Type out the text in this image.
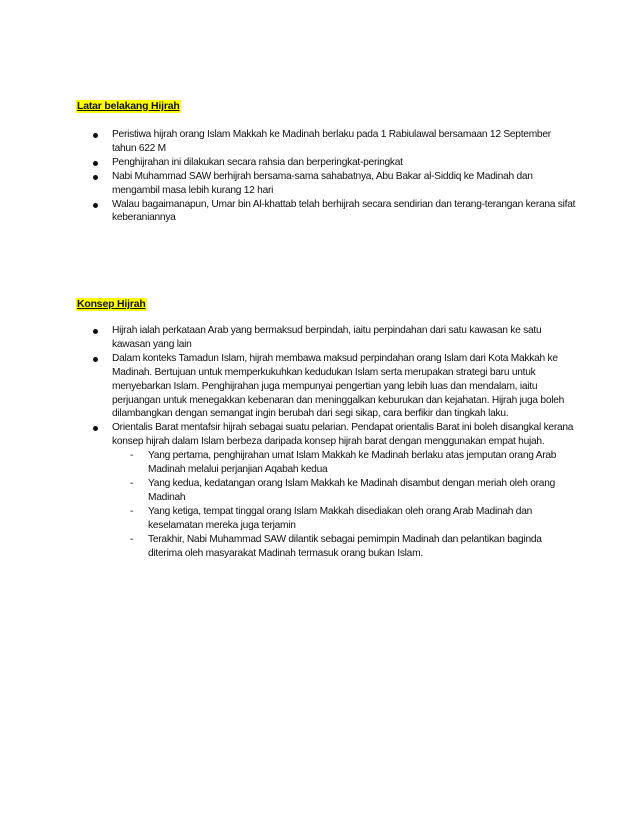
Latar belakang Hijrah
Peristiwa hijrah orang Islam Makkah ke Madinah berlaku pada 1 Rabiulawal bersamaan 12 September tahun 622 M
Penghijrahan ini dilakukan secara rahsia dan berperingkat-peringkat
Nabi Muhammad SAW berhijrah bersama-sama sahabatnya, Abu Bakar al-Siddiq ke Madinah dan mengambil masa lebih kurang 12 hari
Walau bagaimanapun, Umar bin Al-khattab telah berhijrah secara sendirian dan terang-terangan kerana sifat keberaniannya
Konsep Hijrah
Hijrah ialah perkataan Arab yang bermaksud berpindah, iaitu perpindahan dari satu kawasan ke satu kawasan yang lain
Dalam konteks Tamadun Islam, hijrah membawa maksud perpindahan orang Islam dari Kota Makkah ke Madinah. Bertujuan untuk memperkukuhkan kedudukan Islam serta merupakan strategi baru untuk menyebarkan Islam. Penghijrahan juga mempunyai pengertian yang lebih luas dan mendalam, iaitu perjuangan untuk menegakkan kebenaran dan meninggalkan keburukan dan kejahatan. Hijrah juga boleh dilambangkan dengan semangat ingin berubah dari segi sikap, cara berfikir dan tingkah laku.
Orientalis Barat mentafsir hijrah sebagai suatu pelarian. Pendapat orientalis Barat ini boleh disangkal kerana konsep hijrah dalam Islam berbeza daripada konsep hijrah barat dengan menggunakan empat hujah.
- Yang pertama, penghijrahan umat Islam Makkah ke Madinah berlaku atas jemputan orang Arab Madinah melalui perjanjian Aqabah kedua
- Yang kedua, kedatangan orang Islam Makkah ke Madinah disambut dengan meriah oleh orang Madinah
- Yang ketiga, tempat tinggal orang Islam Makkah disediakan oleh orang Arab Madinah dan keselamatan mereka juga terjamin
- Terakhir, Nabi Muhammad SAW dilantik sebagai pemimpin Madinah dan pelantikan baginda diterima oleh masyarakat Madinah termasuk orang bukan Islam.
